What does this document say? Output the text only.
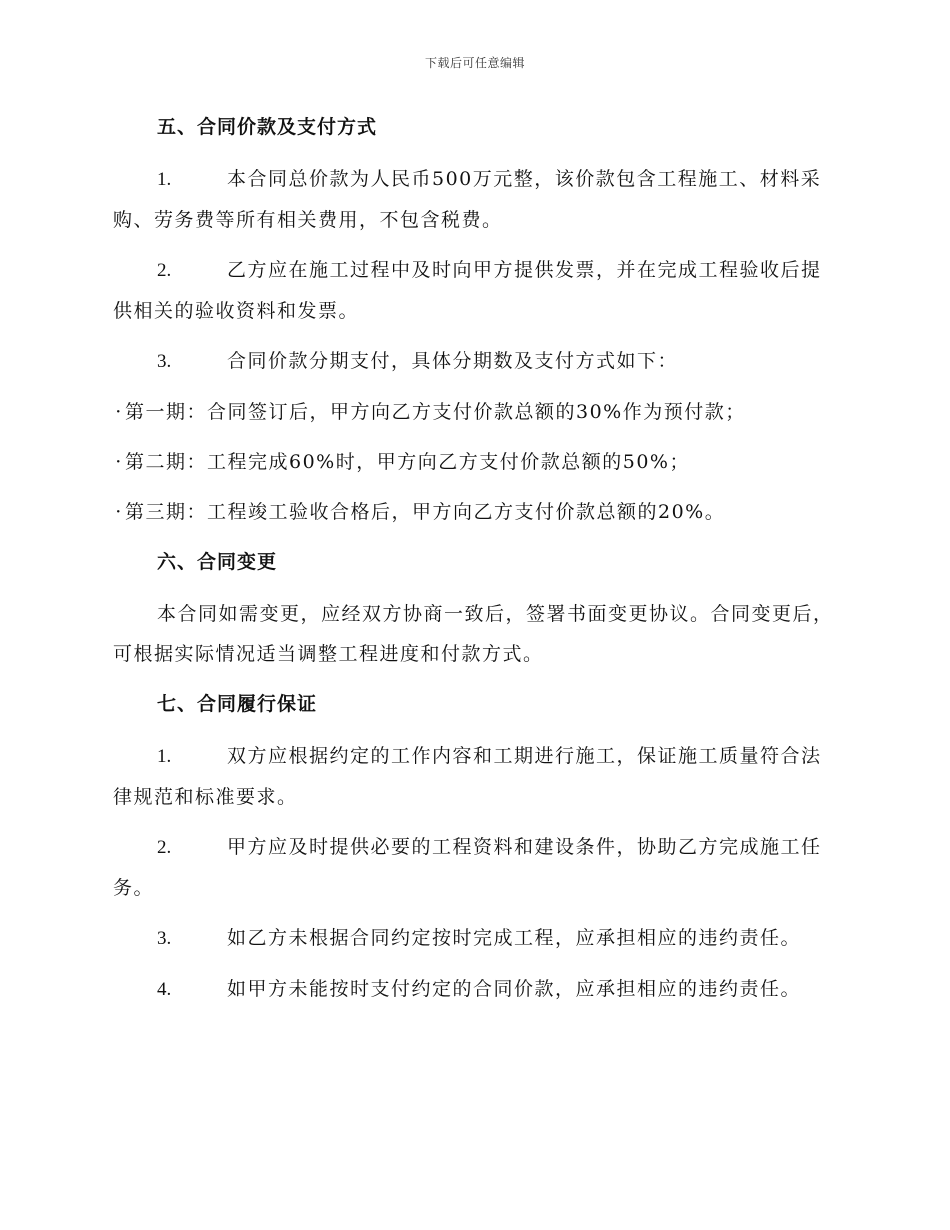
下载后可任意编辑
五、合同价款及支付方式
1.	本合同总价款为人民币500万元整，该价款包含工程施工、材料采购、劳务费等所有相关费用，不包含税费。
2.	乙方应在施工过程中及时向甲方提供发票，并在完成工程验收后提供相关的验收资料和发票。
3.	合同价款分期支付，具体分期数及支付方式如下：
· 第一期：合同签订后，甲方向乙方支付价款总额的30%作为预付款；
· 第二期：工程完成60%时，甲方向乙方支付价款总额的50%；
· 第三期：工程竣工验收合格后，甲方向乙方支付价款总额的20%。
六、合同变更
本合同如需变更，应经双方协商一致后，签署书面变更协议。合同变更后，可根据实际情况适当调整工程进度和付款方式。
七、合同履行保证
1.	双方应根据约定的工作内容和工期进行施工，保证施工质量符合法律规范和标准要求。
2.	甲方应及时提供必要的工程资料和建设条件，协助乙方完成施工任务。
3.	如乙方未根据合同约定按时完成工程，应承担相应的违约责任。
4.	如甲方未能按时支付约定的合同价款，应承担相应的违约责任。
